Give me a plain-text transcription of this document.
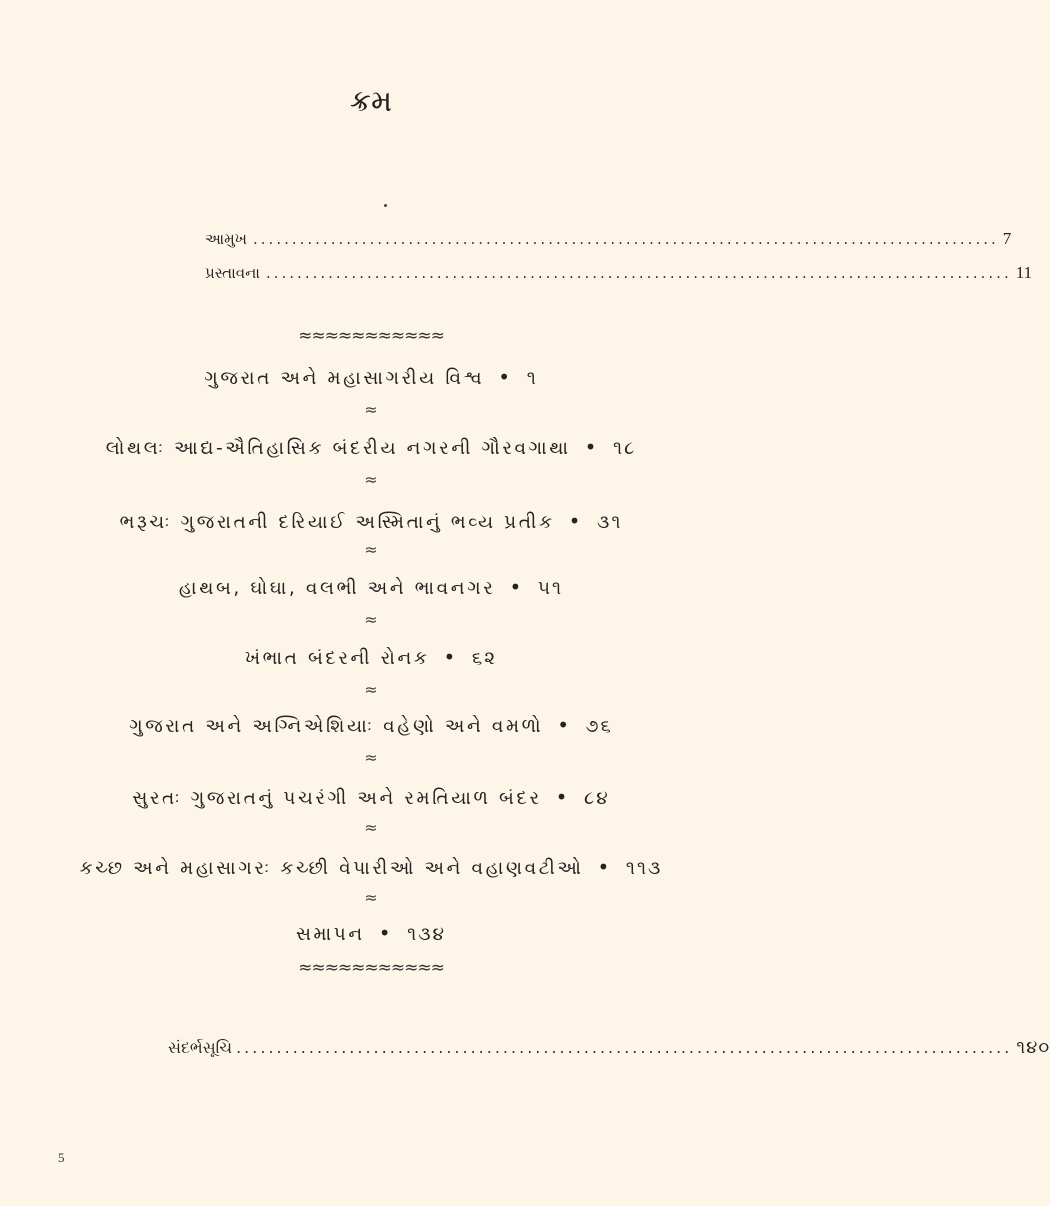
ક્રમ
આમુખ ................................................................................................ 7
પ્રસ્તાવના ................................................................................................ 11
≈≈≈≈≈≈≈≈≈≈≈
ગુજરાત અને મહાસાગરીય વિશ્વ • ૧
≈
લોથલઃ આદ્ય-ઐતિહાસિક બંદરીય નગરની ગૌરવગાથા • ૧૮
≈
ભરૂચઃ ગુજરાતની દરિયાઈ અસ્મિતાનું ભવ્ય પ્રતીક • ૩૧
≈
હાથબ, ઘોઘા, વલભી અને ભાવનગર • ૫૧
≈
ખંભાત બંદરની રોનક • ૬૨
≈
ગુજરાત અને અગ્નિએશિયાઃ વહેણો અને વમળો • ૭૬
≈
સુરતઃ ગુજરાતનું પચરંગી અને રમતિયાળ બંદર • ૮૪
≈
કચ્છ અને મહાસાગરઃ કચ્છી વેપારીઓ અને વહાણવટીઓ • ૧૧૩
≈
સમાપન • ૧૩૪
≈≈≈≈≈≈≈≈≈≈≈
સંદર્ભસૂચિ ................................................................................................ ૧૪૦
5
